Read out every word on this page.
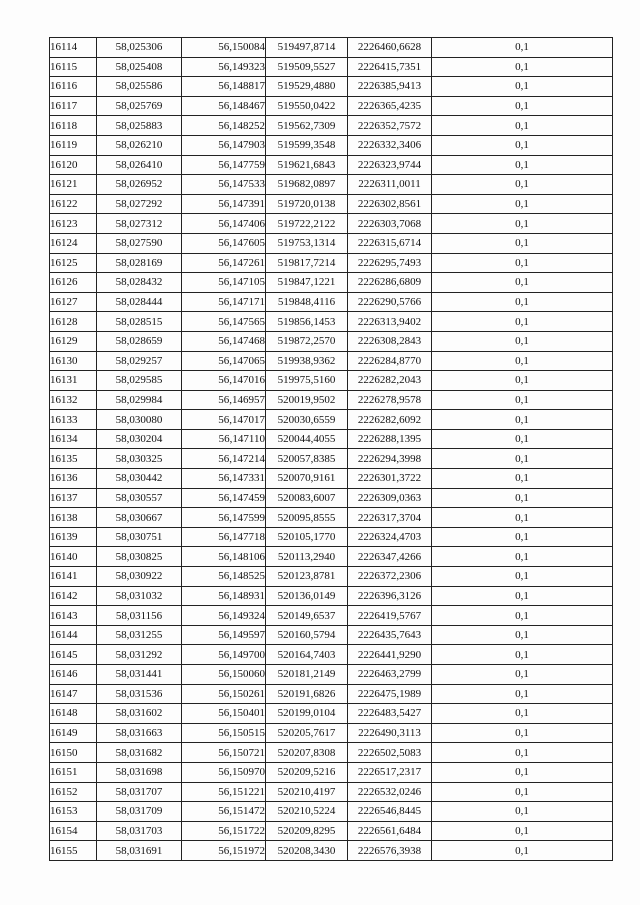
16114	58,025306	56,150084	519497,8714	2226460,6628	0,1
16115	58,025408	56,149323	519509,5527	2226415,7351	0,1
16116	58,025586	56,148817	519529,4880	2226385,9413	0,1
16117	58,025769	56,148467	519550,0422	2226365,4235	0,1
16118	58,025883	56,148252	519562,7309	2226352,7572	0,1
16119	58,026210	56,147903	519599,3548	2226332,3406	0,1
16120	58,026410	56,147759	519621,6843	2226323,9744	0,1
16121	58,026952	56,147533	519682,0897	2226311,0011	0,1
16122	58,027292	56,147391	519720,0138	2226302,8561	0,1
16123	58,027312	56,147406	519722,2122	2226303,7068	0,1
16124	58,027590	56,147605	519753,1314	2226315,6714	0,1
16125	58,028169	56,147261	519817,7214	2226295,7493	0,1
16126	58,028432	56,147105	519847,1221	2226286,6809	0,1
16127	58,028444	56,147171	519848,4116	2226290,5766	0,1
16128	58,028515	56,147565	519856,1453	2226313,9402	0,1
16129	58,028659	56,147468	519872,2570	2226308,2843	0,1
16130	58,029257	56,147065	519938,9362	2226284,8770	0,1
16131	58,029585	56,147016	519975,5160	2226282,2043	0,1
16132	58,029984	56,146957	520019,9502	2226278,9578	0,1
16133	58,030080	56,147017	520030,6559	2226282,6092	0,1
16134	58,030204	56,147110	520044,4055	2226288,1395	0,1
16135	58,030325	56,147214	520057,8385	2226294,3998	0,1
16136	58,030442	56,147331	520070,9161	2226301,3722	0,1
16137	58,030557	56,147459	520083,6007	2226309,0363	0,1
16138	58,030667	56,147599	520095,8555	2226317,3704	0,1
16139	58,030751	56,147718	520105,1770	2226324,4703	0,1
16140	58,030825	56,148106	520113,2940	2226347,4266	0,1
16141	58,030922	56,148525	520123,8781	2226372,2306	0,1
16142	58,031032	56,148931	520136,0149	2226396,3126	0,1
16143	58,031156	56,149324	520149,6537	2226419,5767	0,1
16144	58,031255	56,149597	520160,5794	2226435,7643	0,1
16145	58,031292	56,149700	520164,7403	2226441,9290	0,1
16146	58,031441	56,150060	520181,2149	2226463,2799	0,1
16147	58,031536	56,150261	520191,6826	2226475,1989	0,1
16148	58,031602	56,150401	520199,0104	2226483,5427	0,1
16149	58,031663	56,150515	520205,7617	2226490,3113	0,1
16150	58,031682	56,150721	520207,8308	2226502,5083	0,1
16151	58,031698	56,150970	520209,5216	2226517,2317	0,1
16152	58,031707	56,151221	520210,4197	2226532,0246	0,1
16153	58,031709	56,151472	520210,5224	2226546,8445	0,1
16154	58,031703	56,151722	520209,8295	2226561,6484	0,1
16155	58,031691	56,151972	520208,3430	2226576,3938	0,1
